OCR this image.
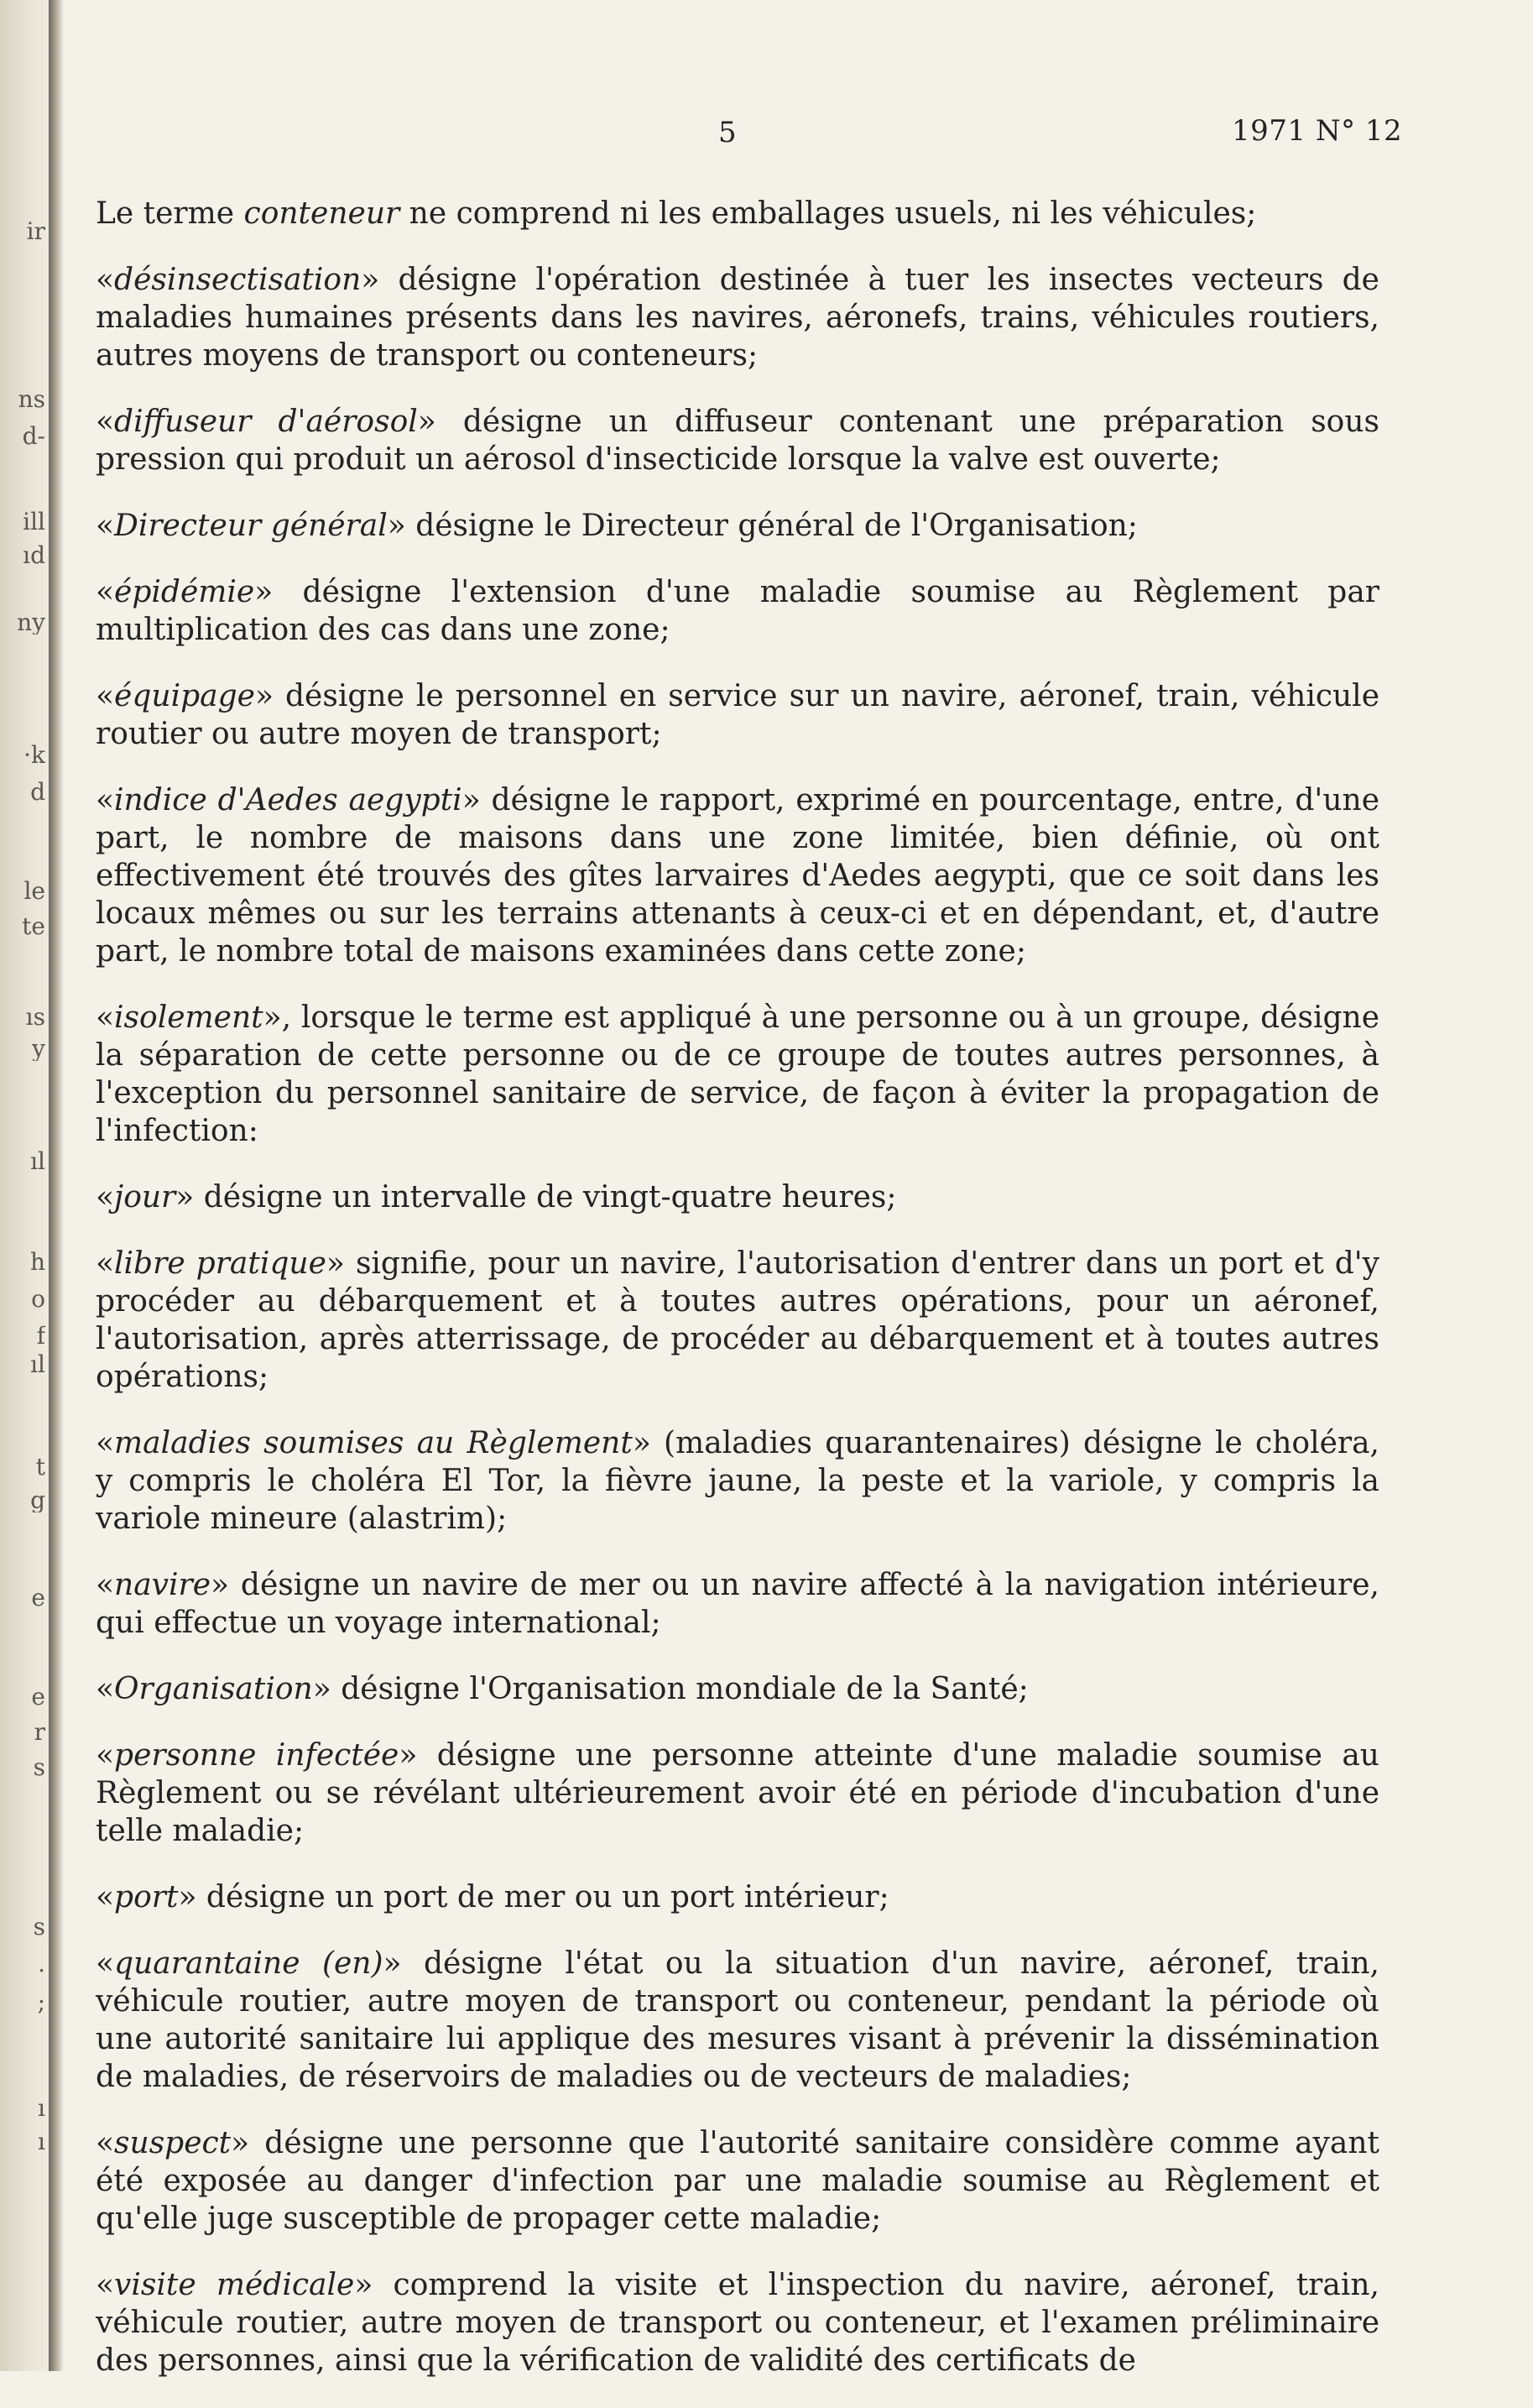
ir
ns
d-
ill
ıd
ny
·k
d
le
te
ıs
y
ıl
h
o
f
ıl
t
g
e
e
r
s
s
.
;
ı
ı
5	1971 N° 12

Le terme conteneur ne comprend ni les emballages usuels, ni les véhicules;

«désinsectisation» désigne l'opération destinée à tuer les insectes vecteurs de maladies humaines présents dans les navires, aéronefs, trains, véhicules routiers, autres moyens de transport ou conteneurs;

«diffuseur d'aérosol» désigne un diffuseur contenant une préparation sous pression qui produit un aérosol d'insecticide lorsque la valve est ouverte;

«Directeur général» désigne le Directeur général de l'Organisation;

«épidémie» désigne l'extension d'une maladie soumise au Règlement par multiplication des cas dans une zone;

«équipage» désigne le personnel en service sur un navire, aéronef, train, véhicule routier ou autre moyen de transport;

«indice d'Aedes aegypti» désigne le rapport, exprimé en pourcentage, entre, d'une part, le nombre de maisons dans une zone limitée, bien définie, où ont effectivement été trouvés des gîtes larvaires d'Aedes aegypti, que ce soit dans les locaux mêmes ou sur les terrains attenants à ceux-ci et en dépendant, et, d'autre part, le nombre total de maisons examinées dans cette zone;

«isolement», lorsque le terme est appliqué à une personne ou à un groupe, désigne la séparation de cette personne ou de ce groupe de toutes autres personnes, à l'exception du personnel sanitaire de service, de façon à éviter la propagation de l'infection:

«jour» désigne un intervalle de vingt-quatre heures;

«libre pratique» signifie, pour un navire, l'autorisation d'entrer dans un port et d'y procéder au débarquement et à toutes autres opérations, pour un aéronef, l'autorisation, après atterrissage, de procéder au débarquement et à toutes autres opérations;

«maladies soumises au Règlement» (maladies quarantenaires) désigne le choléra, y compris le choléra El Tor, la fièvre jaune, la peste et la variole, y compris la variole mineure (alastrim);

«navire» désigne un navire de mer ou un navire affecté à la navigation intérieure, qui effectue un voyage international;

«Organisation» désigne l'Organisation mondiale de la Santé;

«personne infectée» désigne une personne atteinte d'une maladie soumise au Règlement ou se révélant ultérieurement avoir été en période d'incubation d'une telle maladie;

«port» désigne un port de mer ou un port intérieur;

«quarantaine (en)» désigne l'état ou la situation d'un navire, aéronef, train, véhicule routier, autre moyen de transport ou conteneur, pendant la période où une autorité sanitaire lui applique des mesures visant à prévenir la dissémination de maladies, de réservoirs de maladies ou de vecteurs de maladies;

«suspect» désigne une personne que l'autorité sanitaire considère comme ayant été exposée au danger d'infection par une maladie soumise au Règlement et qu'elle juge susceptible de propager cette maladie;

«visite médicale» comprend la visite et l'inspection du navire, aéronef, train, véhicule routier, autre moyen de transport ou conteneur, et l'examen préliminaire des personnes, ainsi que la vérification de validité des certificats de
